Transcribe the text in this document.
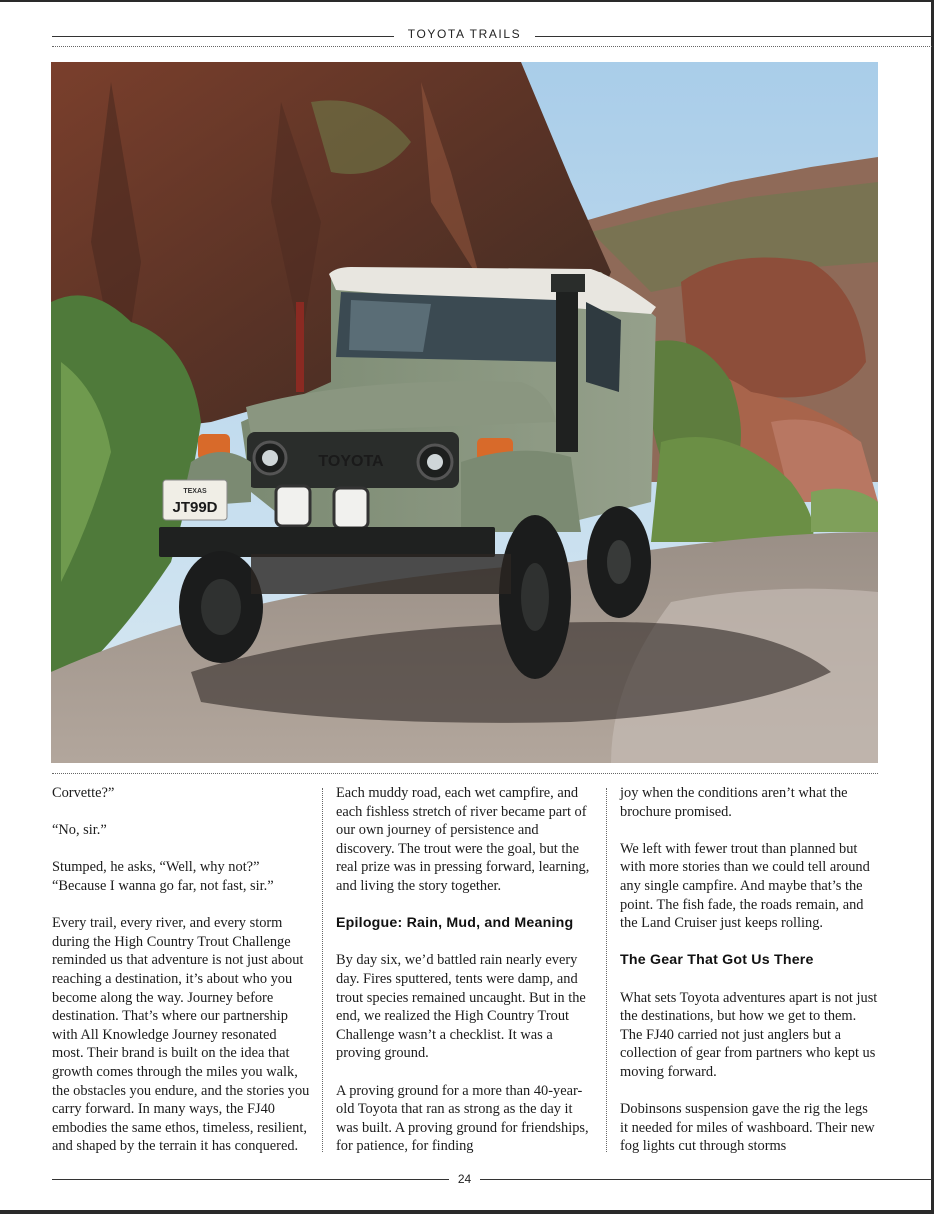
TOYOTA TRAILS
TOYOTA
TEXAS
JT99D

Corvette?”

“No, sir.”

Stumped, he asks, “Well, why not?”

“Because I wanna go far, not fast, sir.”

Every trail, every river, and every storm during the High Country Trout Challenge reminded us that adventure is not just about reaching a destination, it’s about who you become along the way. Journey before destination. That’s where our partnership with All Knowledge Journey resonated most. Their brand is built on the idea that growth comes through the miles you walk, the obstacles you endure, and the stories you carry forward. In many ways, the FJ40 embodies the same ethos, timeless, resilient, and shaped by the terrain it has conquered.

Each muddy road, each wet campfire, and each fishless stretch of river became part of our own journey of persistence and discovery. The trout were the goal, but the real prize was in pressing forward, learning, and living the story together.

Epilogue: Rain, Mud, and Meaning

By day six, we’d battled rain nearly every day. Fires sputtered, tents were damp, and trout species remained uncaught. But in the end, we realized the High Country Trout Challenge wasn’t a checklist. It was a proving ground.

A proving ground for a more than 40-year-old Toyota that ran as strong as the day it was built. A proving ground for friendships, for patience, for finding

joy when the conditions aren’t what the brochure promised.

We left with fewer trout than planned but with more stories than we could tell around any single campfire. And maybe that’s the point. The fish fade, the roads remain, and the Land Cruiser just keeps rolling.

The Gear That Got Us There

What sets Toyota adventures apart is not just the destinations, but how we get to them. The FJ40 carried not just anglers but a collection of gear from partners who kept us moving forward.

Dobinsons suspension gave the rig the legs it needed for miles of washboard. Their new fog lights cut through storms

24
